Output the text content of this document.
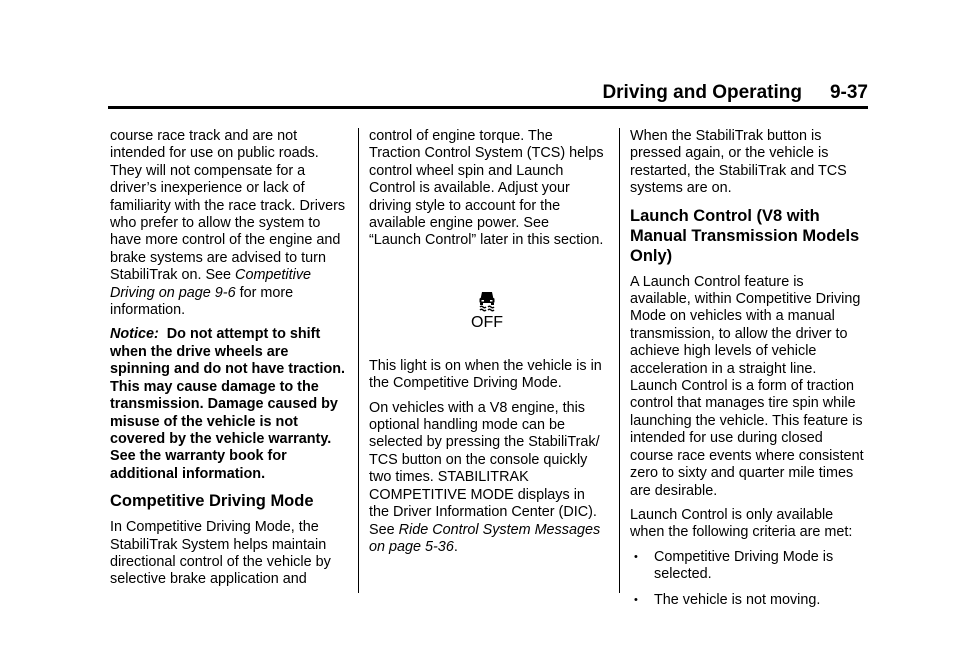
Driving and Operating 9-37

course race track and are not intended for use on public roads. They will not compensate for a driver’s inexperience or lack of familiarity with the race track. Drivers who prefer to allow the system to have more control of the engine and brake systems are advised to turn StabiliTrak on. See Competitive Driving on page 9-6 for more information.

Notice: Do not attempt to shift when the drive wheels are spinning and do not have traction. This may cause damage to the transmission. Damage caused by misuse of the vehicle is not covered by the vehicle warranty. See the warranty book for additional information.

Competitive Driving Mode

In Competitive Driving Mode, the StabiliTrak System helps maintain directional control of the vehicle by selective brake application and

control of engine torque. The Traction Control System (TCS) helps control wheel spin and Launch Control is available. Adjust your driving style to account for the available engine power. See “Launch Control” later in this section.

OFF

This light is on when the vehicle is in the Competitive Driving Mode.

On vehicles with a V8 engine, this optional handling mode can be selected by pressing the StabiliTrak/ TCS button on the console quickly two times. STABILITRAK COMPETITIVE MODE displays in the Driver Information Center (DIC). See Ride Control System Messages on page 5-36.

When the StabiliTrak button is pressed again, or the vehicle is restarted, the StabiliTrak and TCS systems are on.

Launch Control (V8 with Manual Transmission Models Only)

A Launch Control feature is available, within Competitive Driving Mode on vehicles with a manual transmission, to allow the driver to achieve high levels of vehicle acceleration in a straight line. Launch Control is a form of traction control that manages tire spin while launching the vehicle. This feature is intended for use during closed course race events where consistent zero to sixty and quarter mile times are desirable.

Launch Control is only available when the following criteria are met:

• Competitive Driving Mode is selected.
• The vehicle is not moving.
